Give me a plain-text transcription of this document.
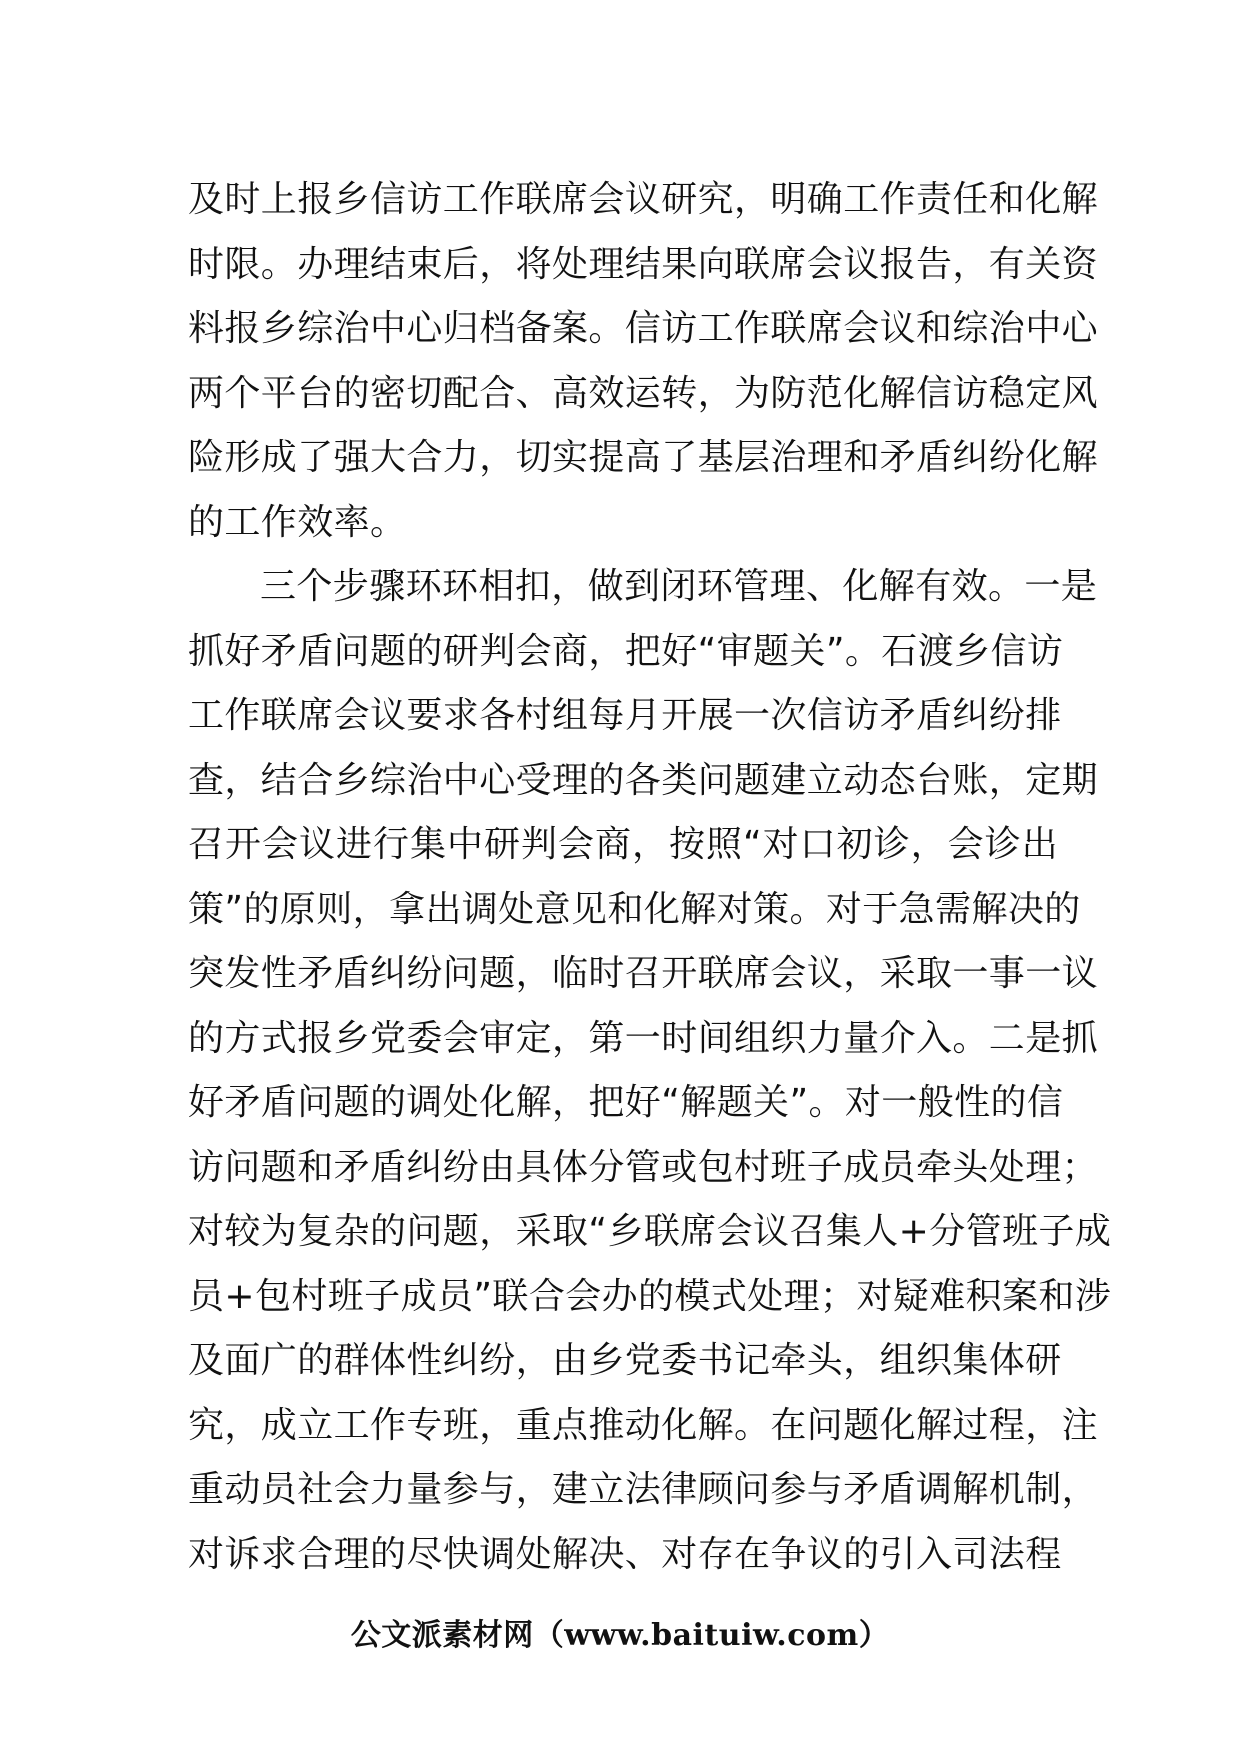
及时上报乡信访工作联席会议研究，明确工作责任和化解
时限。办理结束后，将处理结果向联席会议报告，有关资
料报乡综治中心归档备案。信访工作联席会议和综治中心
两个平台的密切配合、高效运转，为防范化解信访稳定风
险形成了强大合力，切实提高了基层治理和矛盾纠纷化解
的工作效率。
三个步骤环环相扣，做到闭环管理、化解有效。一是
抓好矛盾问题的研判会商，把好“审题关”。石渡乡信访
工作联席会议要求各村组每月开展一次信访矛盾纠纷排
查，结合乡综治中心受理的各类问题建立动态台账，定期
召开会议进行集中研判会商，按照“对口初诊，会诊出
策”的原则，拿出调处意见和化解对策。对于急需解决的
突发性矛盾纠纷问题，临时召开联席会议，采取一事一议
的方式报乡党委会审定，第一时间组织力量介入。二是抓
好矛盾问题的调处化解，把好“解题关”。对一般性的信
访问题和矛盾纠纷由具体分管或包村班子成员牵头处理；
对较为复杂的问题，采取“乡联席会议召集人+分管班子成
员+包村班子成员”联合会办的模式处理；对疑难积案和涉
及面广的群体性纠纷，由乡党委书记牵头，组织集体研
究，成立工作专班，重点推动化解。在问题化解过程，注
重动员社会力量参与，建立法律顾问参与矛盾调解机制，
对诉求合理的尽快调处解决、对存在争议的引入司法程
公文派素材网（www.baituiw.com）
